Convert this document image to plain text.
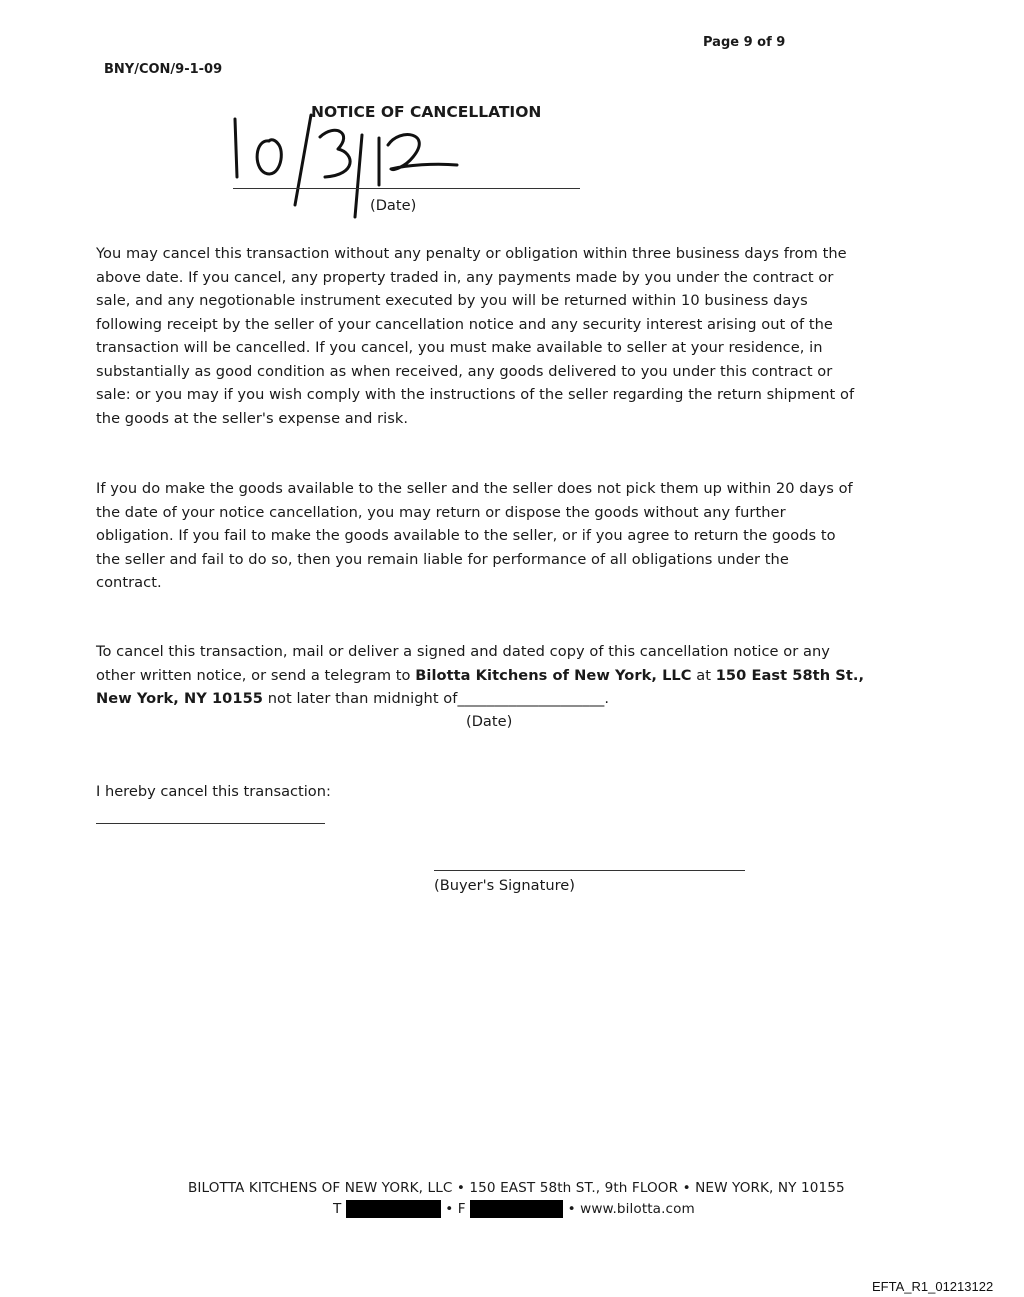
Page 9 of 9
BNY/CON/9-1-09
NOTICE OF CANCELLATION
(Date)
You may cancel this transaction without any penalty or obligation within three business days from the above date. If you cancel, any property traded in, any payments made by you under the contract or sale, and any negotionable instrument executed by you will be returned within 10 business days following receipt by the seller of your cancellation notice and any security interest arising out of the transaction will be cancelled. If you cancel, you must make available to seller at your residence, in substantially as good condition as when received, any goods delivered to you under this contract or sale: or you may if you wish comply with the instructions of the seller regarding the return shipment of the goods at the seller's expense and risk.
If you do make the goods available to the seller and the seller does not pick them up within 20 days of the date of your notice cancellation, you may return or dispose the goods without any further obligation. If you fail to make the goods available to the seller, or if you agree to return the goods to the seller and fail to do so, then you remain liable for performance of all obligations under the contract.
To cancel this transaction, mail or deliver a signed and dated copy of this cancellation notice or any other written notice, or send a telegram to Bilotta Kitchens of New York, LLC at 150 East 58th St., New York, NY 10155 not later than midnight of____________________.
(Date)
I hereby cancel this transaction:
(Buyer's Signature)
BILOTTA KITCHENS OF NEW YORK, LLC • 150 EAST 58th ST., 9th FLOOR • NEW YORK, NY 10155
T	• F	• www.bilotta.com
EFTA_R1_01213122
